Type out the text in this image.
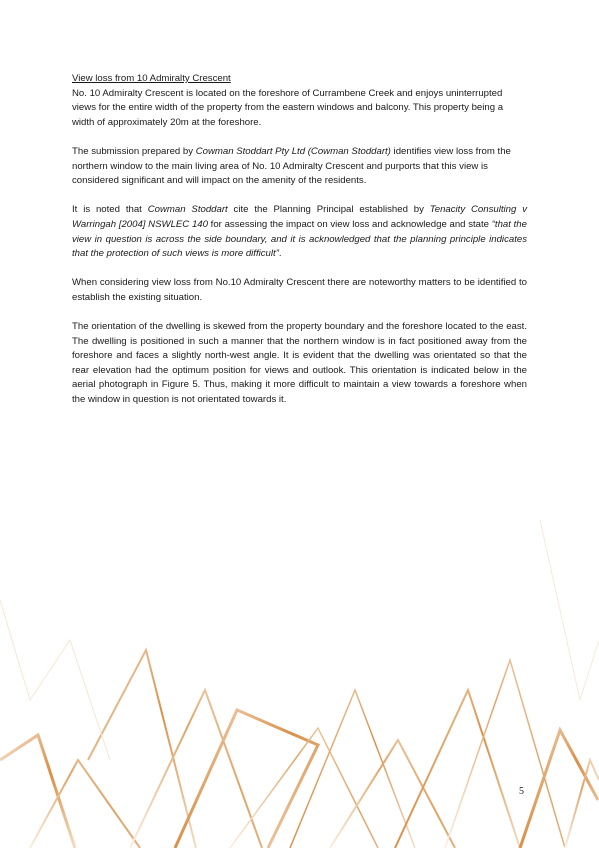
View loss from 10 Admiralty Crescent

No. 10 Admiralty Crescent is located on the foreshore of Currambene Creek and enjoys uninterrupted views for the entire width of the property from the eastern windows and balcony. This property being a width of approximately 20m at the foreshore.

The submission prepared by Cowman Stoddart Pty Ltd (Cowman Stoddart) identifies view loss from the northern window to the main living area of No. 10 Admiralty Crescent and purports that this view is considered significant and will impact on the amenity of the residents.

It is noted that Cowman Stoddart cite the Planning Principal established by Tenacity Consulting v Warringah [2004] NSWLEC 140 for assessing the impact on view loss and acknowledge and state “that the view in question is across the side boundary, and it is acknowledged that the planning principle indicates that the protection of such views is more difficult”.

When considering view loss from No.10 Admiralty Crescent there are noteworthy matters to be identified to establish the existing situation.

The orientation of the dwelling is skewed from the property boundary and the foreshore located to the east. The dwelling is positioned in such a manner that the northern window is in fact positioned away from the foreshore and faces a slightly north-west angle. It is evident that the dwelling was orientated so that the rear elevation had the optimum position for views and outlook. This orientation is indicated below in the aerial photograph in Figure 5. Thus, making it more difficult to maintain a view towards a foreshore when the window in question is not orientated towards it.

5
